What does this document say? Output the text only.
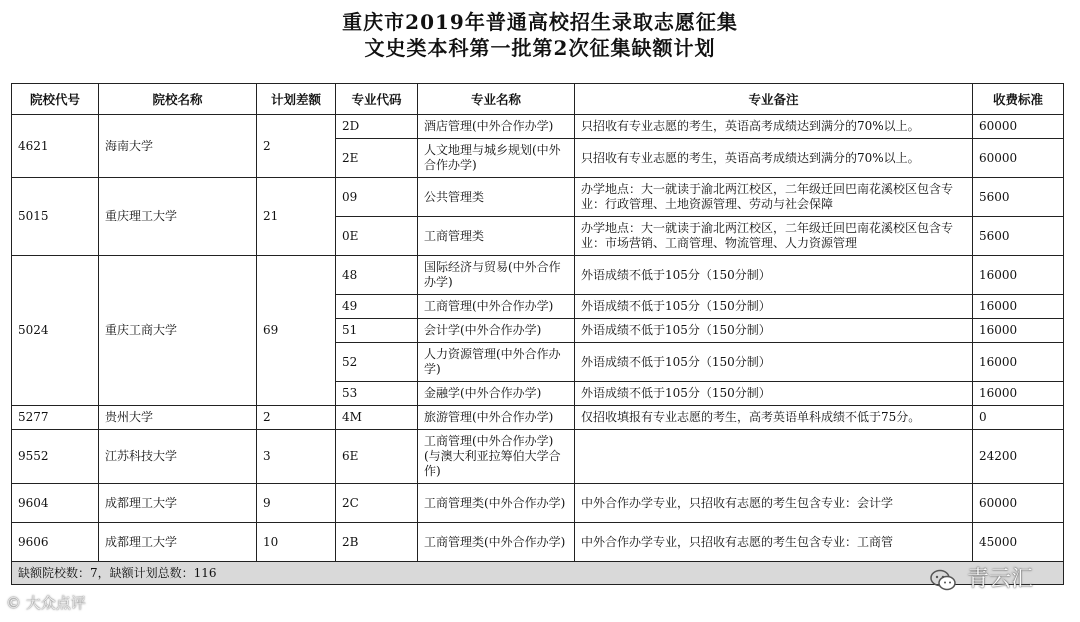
重庆市2019年普通高校招生录取志愿征集
文史类本科第一批第2次征集缺额计划
院校代号	院校名称	计划差额	专业代码	专业名称	专业备注	收费标准
4621	海南大学	2	2D	酒店管理(中外合作办学)	只招收有专业志愿的考生，英语高考成绩达到满分的70%以上。	60000
			2E	人文地理与城乡规划(中外合作办学)	只招收有专业志愿的考生，英语高考成绩达到满分的70%以上。	60000
5015	重庆理工大学	21	09	公共管理类	办学地点：大一就读于渝北两江校区，二年级迁回巴南花溪校区包含专业：行政管理、土地资源管理、劳动与社会保障	5600
			0E	工商管理类	办学地点：大一就读于渝北两江校区，二年级迁回巴南花溪校区包含专业：市场营销、工商管理、物流管理、人力资源管理	5600
5024	重庆工商大学	69	48	国际经济与贸易(中外合作办学)	外语成绩不低于105分（150分制）	16000
			49	工商管理(中外合作办学)	外语成绩不低于105分（150分制）	16000
			51	会计学(中外合作办学)	外语成绩不低于105分（150分制）	16000
			52	人力资源管理(中外合作办学)	外语成绩不低于105分（150分制）	16000
			53	金融学(中外合作办学)	外语成绩不低于105分（150分制）	16000
5277	贵州大学	2	4M	旅游管理(中外合作办学)	仅招收填报有专业志愿的考生，高考英语单科成绩不低于75分。	0
9552	江苏科技大学	3	6E	工商管理(中外合作办学)(与澳大利亚拉筹伯大学合作)		24200
9604	成都理工大学	9	2C	工商管理类(中外合作办学)	中外合作办学专业，只招收有志愿的考生包含专业：会计学	60000
9606	成都理工大学	10	2B	工商管理类(中外合作办学)	中外合作办学专业，只招收有志愿的考生包含专业：工商管	45000
缺额院校数：7，缺额计划总数：116						
© 大众点评
青云汇
